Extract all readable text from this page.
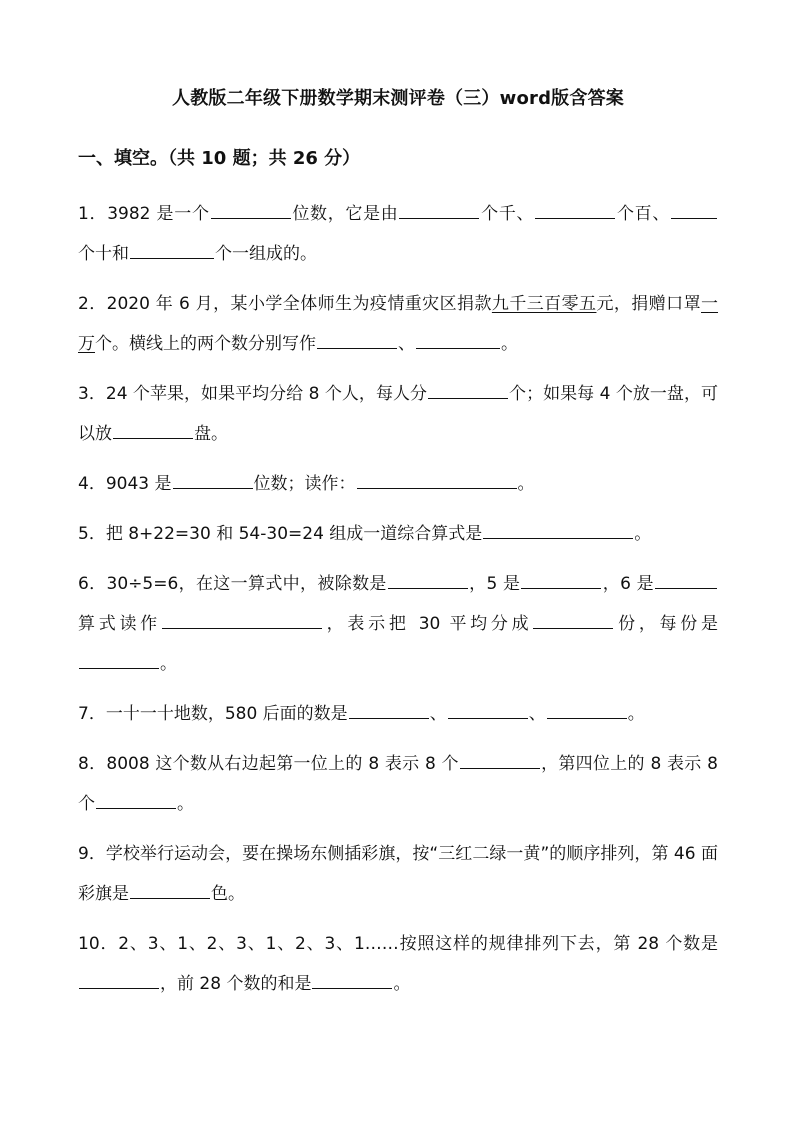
人教版二年级下册数学期末测评卷（三）word版含答案
一、填空。（共 10 题；共 26 分）
1．3982 是一个	位数，它是由	个千、	个百、个十和	个一组成的。
2．2020 年 6 月，某小学全体师生为疫情重灾区捐款九千三百零五元，捐赠口罩一万个。横线上的两个数分别写作	、	。
3．24 个苹果，如果平均分给 8 个人，每人分	个；如果每 4 个放一盘，可以放	盘。
4．9043 是	位数；读作：	。
5．把 8+22=30 和 54-30=24 组成一道综合算式是	。
6．30÷5=6，在这一算式中，被除数是	，5 是	，6 是算式读作	，表示把 30 平均分成	份，每份是。
7．一十一十地数，580 后面的数是	、	、	。
8．8008 这个数从右边起第一位上的 8 表示 8 个	，第四位上的 8 表示 8 个	。
9．学校举行运动会，要在操场东侧插彩旗，按“三红二绿一黄”的顺序排列，第 46 面彩旗是	色。
10．2、3、1、2、3、1、2、3、1……按照这样的规律排列下去，第 28 个数是，前 28 个数的和是	。
